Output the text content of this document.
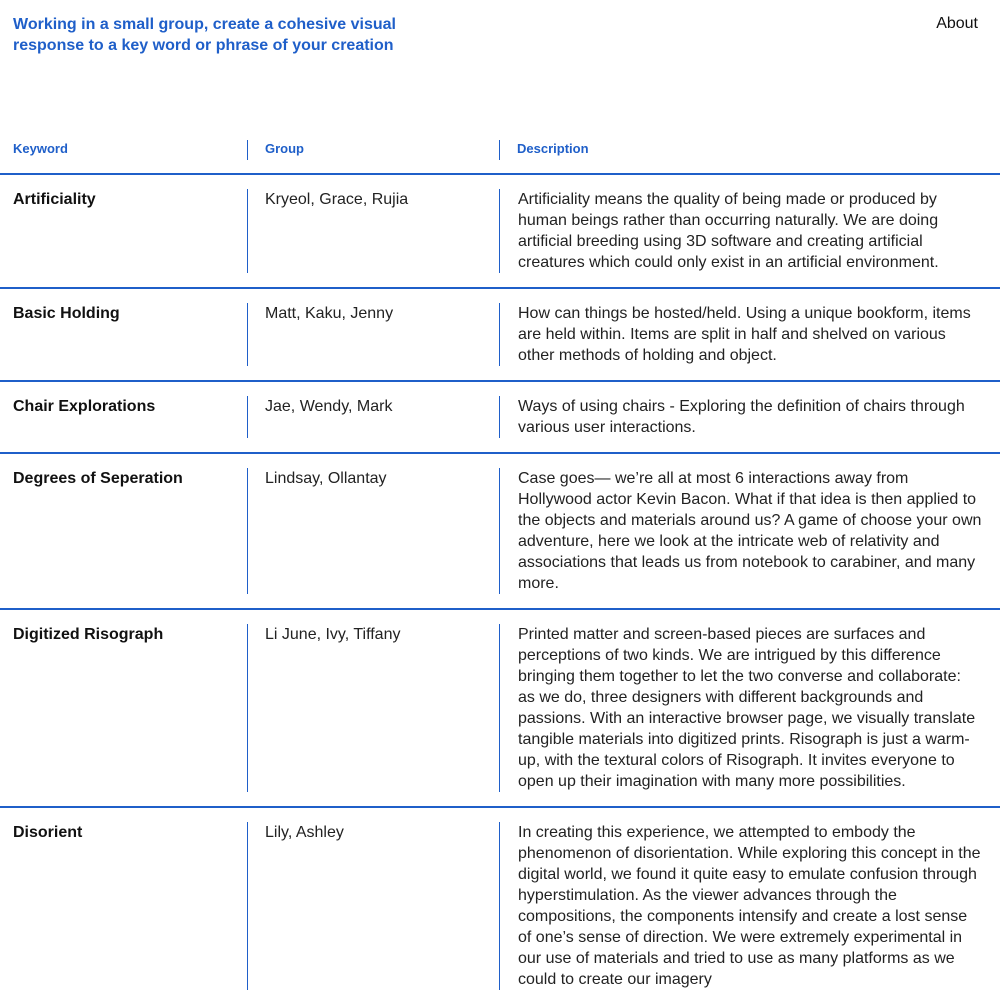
Working in a small group, create a cohesive visual response to a key word or phrase of your creation
About
Keyword	Group	Description
Artificiality	Kryeol, Grace, Rujia	Artificiality means the quality of being made or produced by human beings rather than occurring naturally. We are doing artificial breeding using 3D software and creating artificial creatures which could only exist in an artificial environment.
Basic Holding	Matt, Kaku, Jenny	How can things be hosted/held. Using a unique bookform, items are held within. Items are split in half and shelved on various other methods of holding and object.
Chair Explorations	Jae, Wendy, Mark	Ways of using chairs - Exploring the definition of chairs through various user interactions.
Degrees of Seperation	Lindsay, Ollantay	Case goes— we’re all at most 6 interactions away from Hollywood actor Kevin Bacon. What if that idea is then applied to the objects and materials around us? A game of choose your own adventure, here we look at the intricate web of relativity and associations that leads us from notebook to carabiner, and many more.
Digitized Risograph	Li June, Ivy, Tiffany	Printed matter and screen-based pieces are surfaces and perceptions of two kinds. We are intrigued by this difference bringing them together to let the two converse and collaborate: as we do, three designers with different backgrounds and passions. With an interactive browser page, we visually translate tangible materials into digitized prints. Risograph is just a warm-up, with the textural colors of Risograph. It invites everyone to open up their imagination with many more possibilities.
Disorient	Lily, Ashley	In creating this experience, we attempted to embody the phenomenon of disorientation. While exploring this concept in the digital world, we found it quite easy to emulate confusion through hyperstimulation. As the viewer advances through the compositions, the components intensify and create a lost sense of one’s sense of direction. We were extremely experimental in our use of materials and tried to use as many platforms as we could to create our imagery
